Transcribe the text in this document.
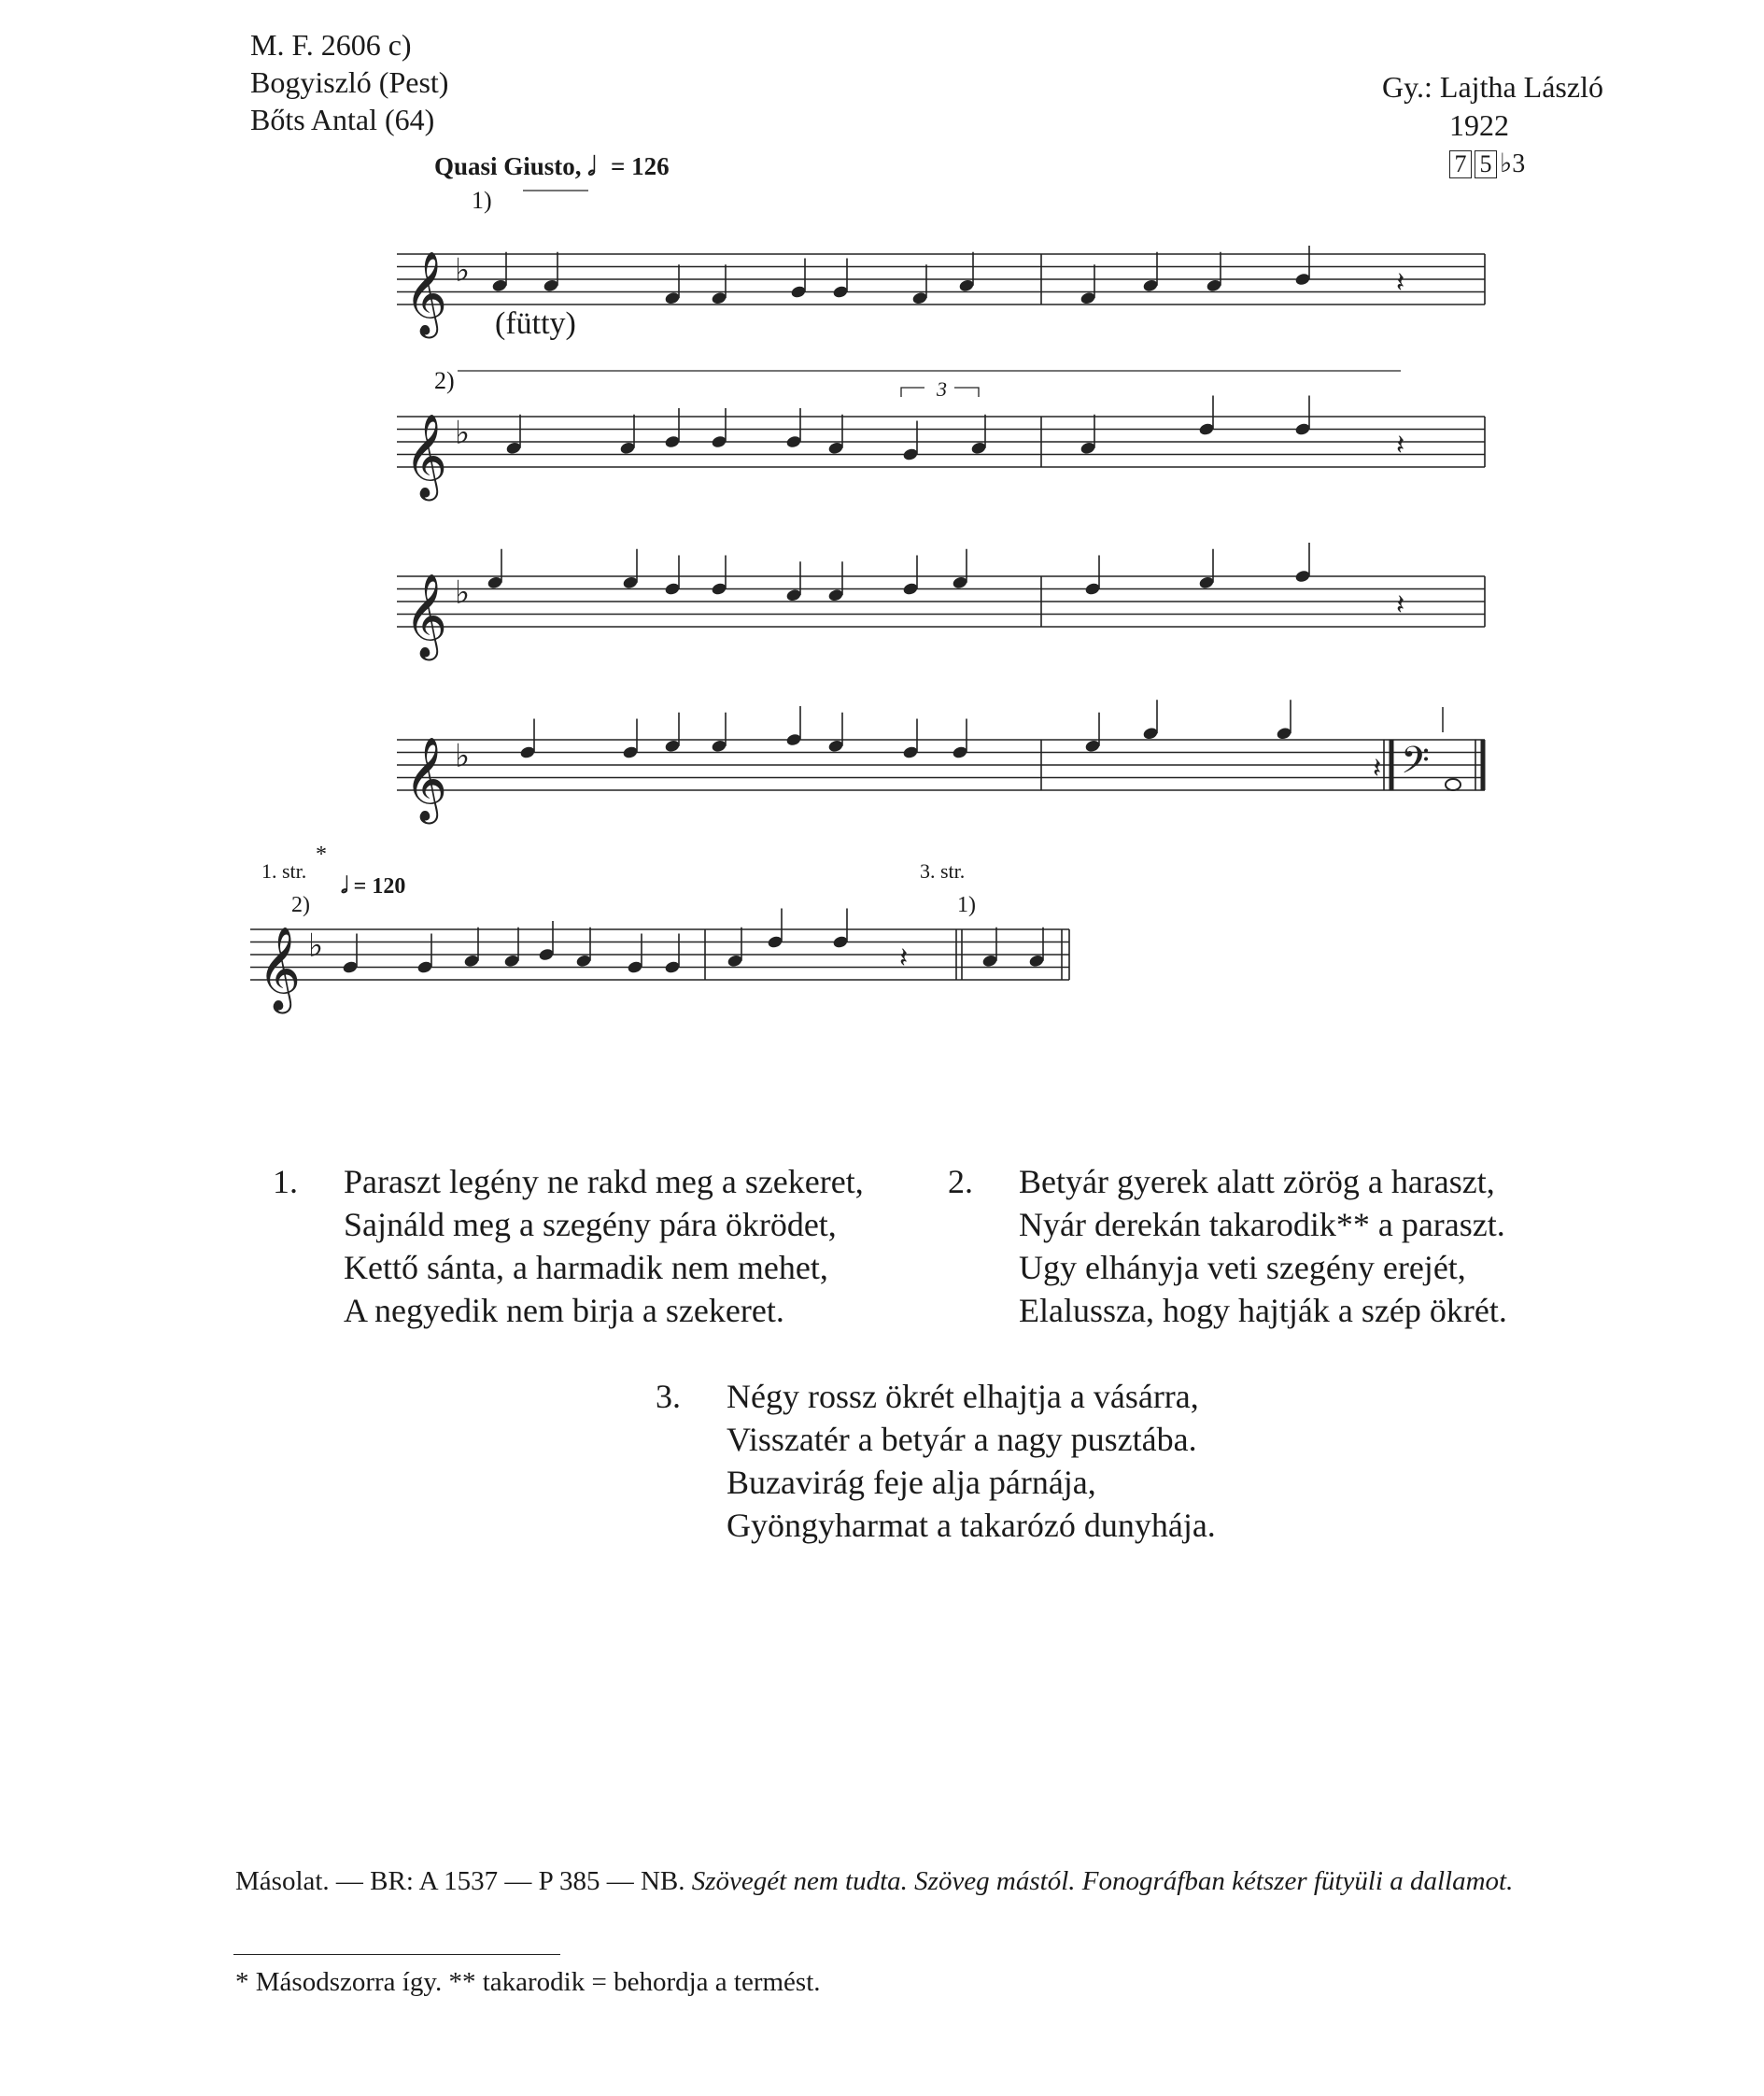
M. F. 2606 c)
Bogyiszló (Pest)
Bőts Antal (64)
Gy.: Lajtha László
1922
7 5 ♭3
Quasi Giusto, 𝅗𝅥 = 126
1)
(fütty)
2)	3
𝄞 ♭	𝄽
𝄞 ♭	𝄽
𝄞 ♭	𝄽
𝄞 ♭	𝄢
𝄽
𝄞 ♭	𝄽
1. str.
*
2)
𝅗𝅥 = 120
3. str.
1)
1. Paraszt legény ne rakd meg a szekeret,
Sajnáld meg a szegény pára ökrödet,
Kettő sánta, a harmadik nem mehet,
A negyedik nem birja a szekeret.
2. Betyár gyerek alatt zörög a haraszt,
Nyár derekán takarodik** a paraszt.
Ugy elhányja veti szegény erejét,
Elalussza, hogy hajtják a szép ökrét.
3. Négy rossz ökrét elhajtja a vásárra,
Visszatér a betyár a nagy pusztába.
Buzavirág feje alja párnája,
Gyöngyharmat a takarózó dunyhája.
Másolat. — BR: A 1537 — P 385 — NB. Szövegét nem tudta. Szöveg mástól. Fonográfban kétszer fütyüli a dallamot.
* Másodszorra így. ** takarodik = behordja a termést.
